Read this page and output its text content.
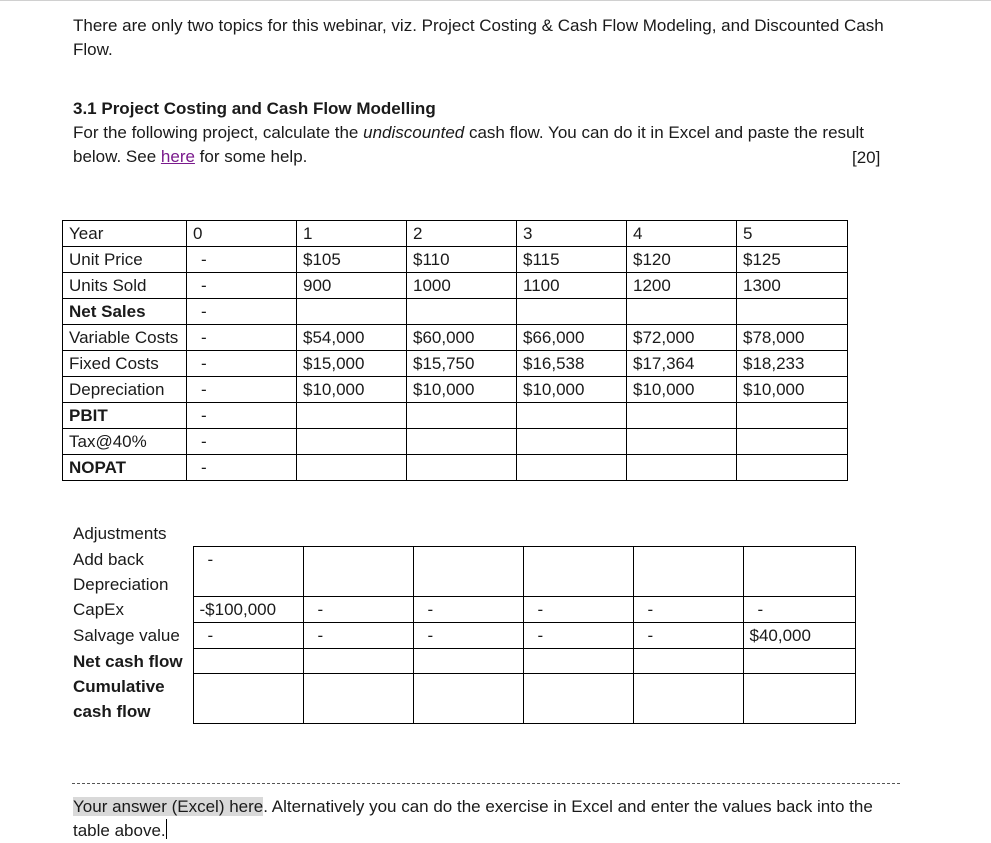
There are only two topics for this webinar, viz. Project Costing & Cash Flow Modeling, and Discounted Cash Flow.
3.1 Project Costing and Cash Flow Modelling
For the following project, calculate the undiscounted cash flow. You can do it in Excel and paste the result below. See here for some help.	[20]
Year	0	1	2	3	4	5
Unit Price	-	$105	$110	$115	$120	$125
Units Sold	-	900	1000	1100	1200	1300
Net Sales	-					
Variable Costs	-	$54,000	$60,000	$66,000	$72,000	$78,000
Fixed Costs	-	$15,000	$15,750	$16,538	$17,364	$18,233
Depreciation	-	$10,000	$10,000	$10,000	$10,000	$10,000
PBIT	-					
Tax@40%	-					
NOPAT	-					
Adjustments
Add back Depreciation	-					
CapEx	-$100,000	-	-	-	-	-
Salvage value	-	-	-	-	-	$40,000
Net cash flow						
Cumulative cash flow						
Your answer (Excel) here. Alternatively you can do the exercise in Excel and enter the values back into the table above.
